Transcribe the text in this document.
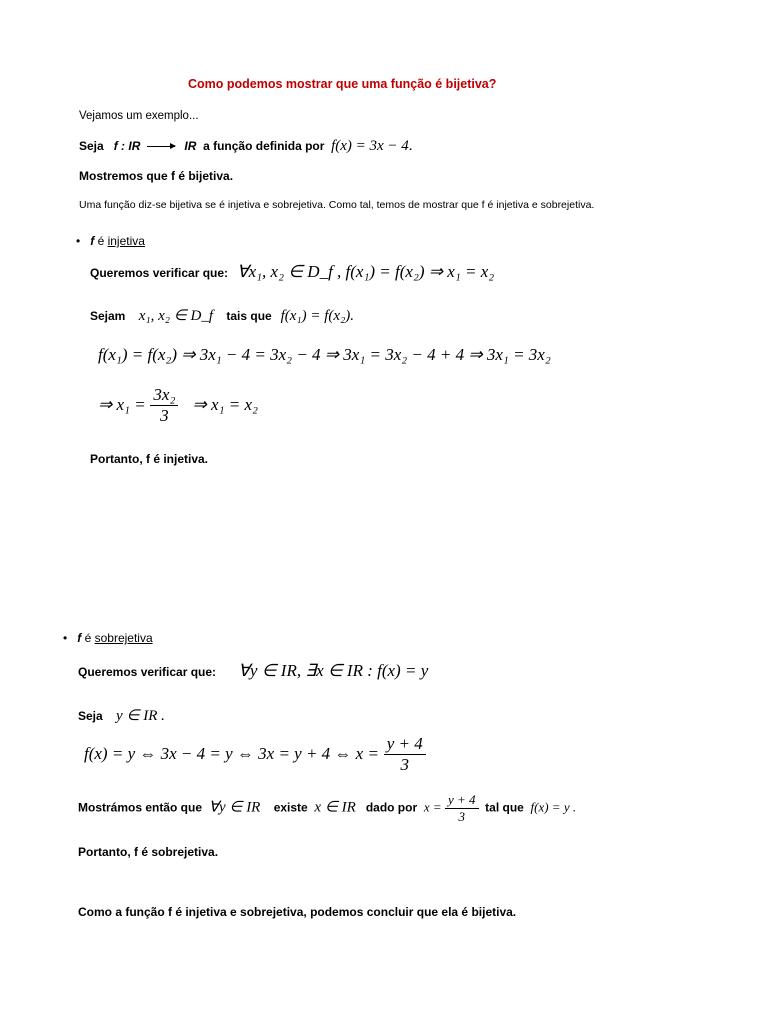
Como podemos mostrar que uma função é bijetiva?
Vejamos um exemplo...
Seja f : IR	IR a função definida por f(x) = 3x − 4.
Mostremos que f é bijetiva.
Uma função diz-se bijetiva se é injetiva e sobrejetiva. Como tal, temos de mostrar que f é injetiva e sobrejetiva.
• f é injetiva
Queremos verificar que: ∀x₁, x₂ ∈ D_f , f(x₁) = f(x₂) ⇒ x₁ = x₂
Sejam x₁, x₂ ∈ D_f tais que f(x₁) = f(x₂).
f(x₁) = f(x₂) ⇒ 3x₁ − 4 = 3x₂ − 4 ⇒ 3x₁ = 3x₂ − 4 + 4 ⇒ 3x₁ = 3x₂
⇒ $x_1 = \frac{\text{3x₂}}{3}$ ⇒ x₁ = x₂
Portanto, f é injetiva.
• f é sobrejetiva
Queremos verificar que: ∀y ∈ IR, ∃x ∈ IR : f(x) = y
Seja y ∈ IR .
f(x) = y ⇔ 3x − 4 = y ⇔ 3x = y + 4 ⇔ $x = \frac{y + 4}{3}$
Mostrámos então que ∀y ∈ IR existe x ∈ IR dado por $x = \frac{y + 4}{3}$ tal que f(x) = y .
Portanto, f é sobrejetiva.
Como a função f é injetiva e sobrejetiva, podemos concluir que ela é bijetiva.
